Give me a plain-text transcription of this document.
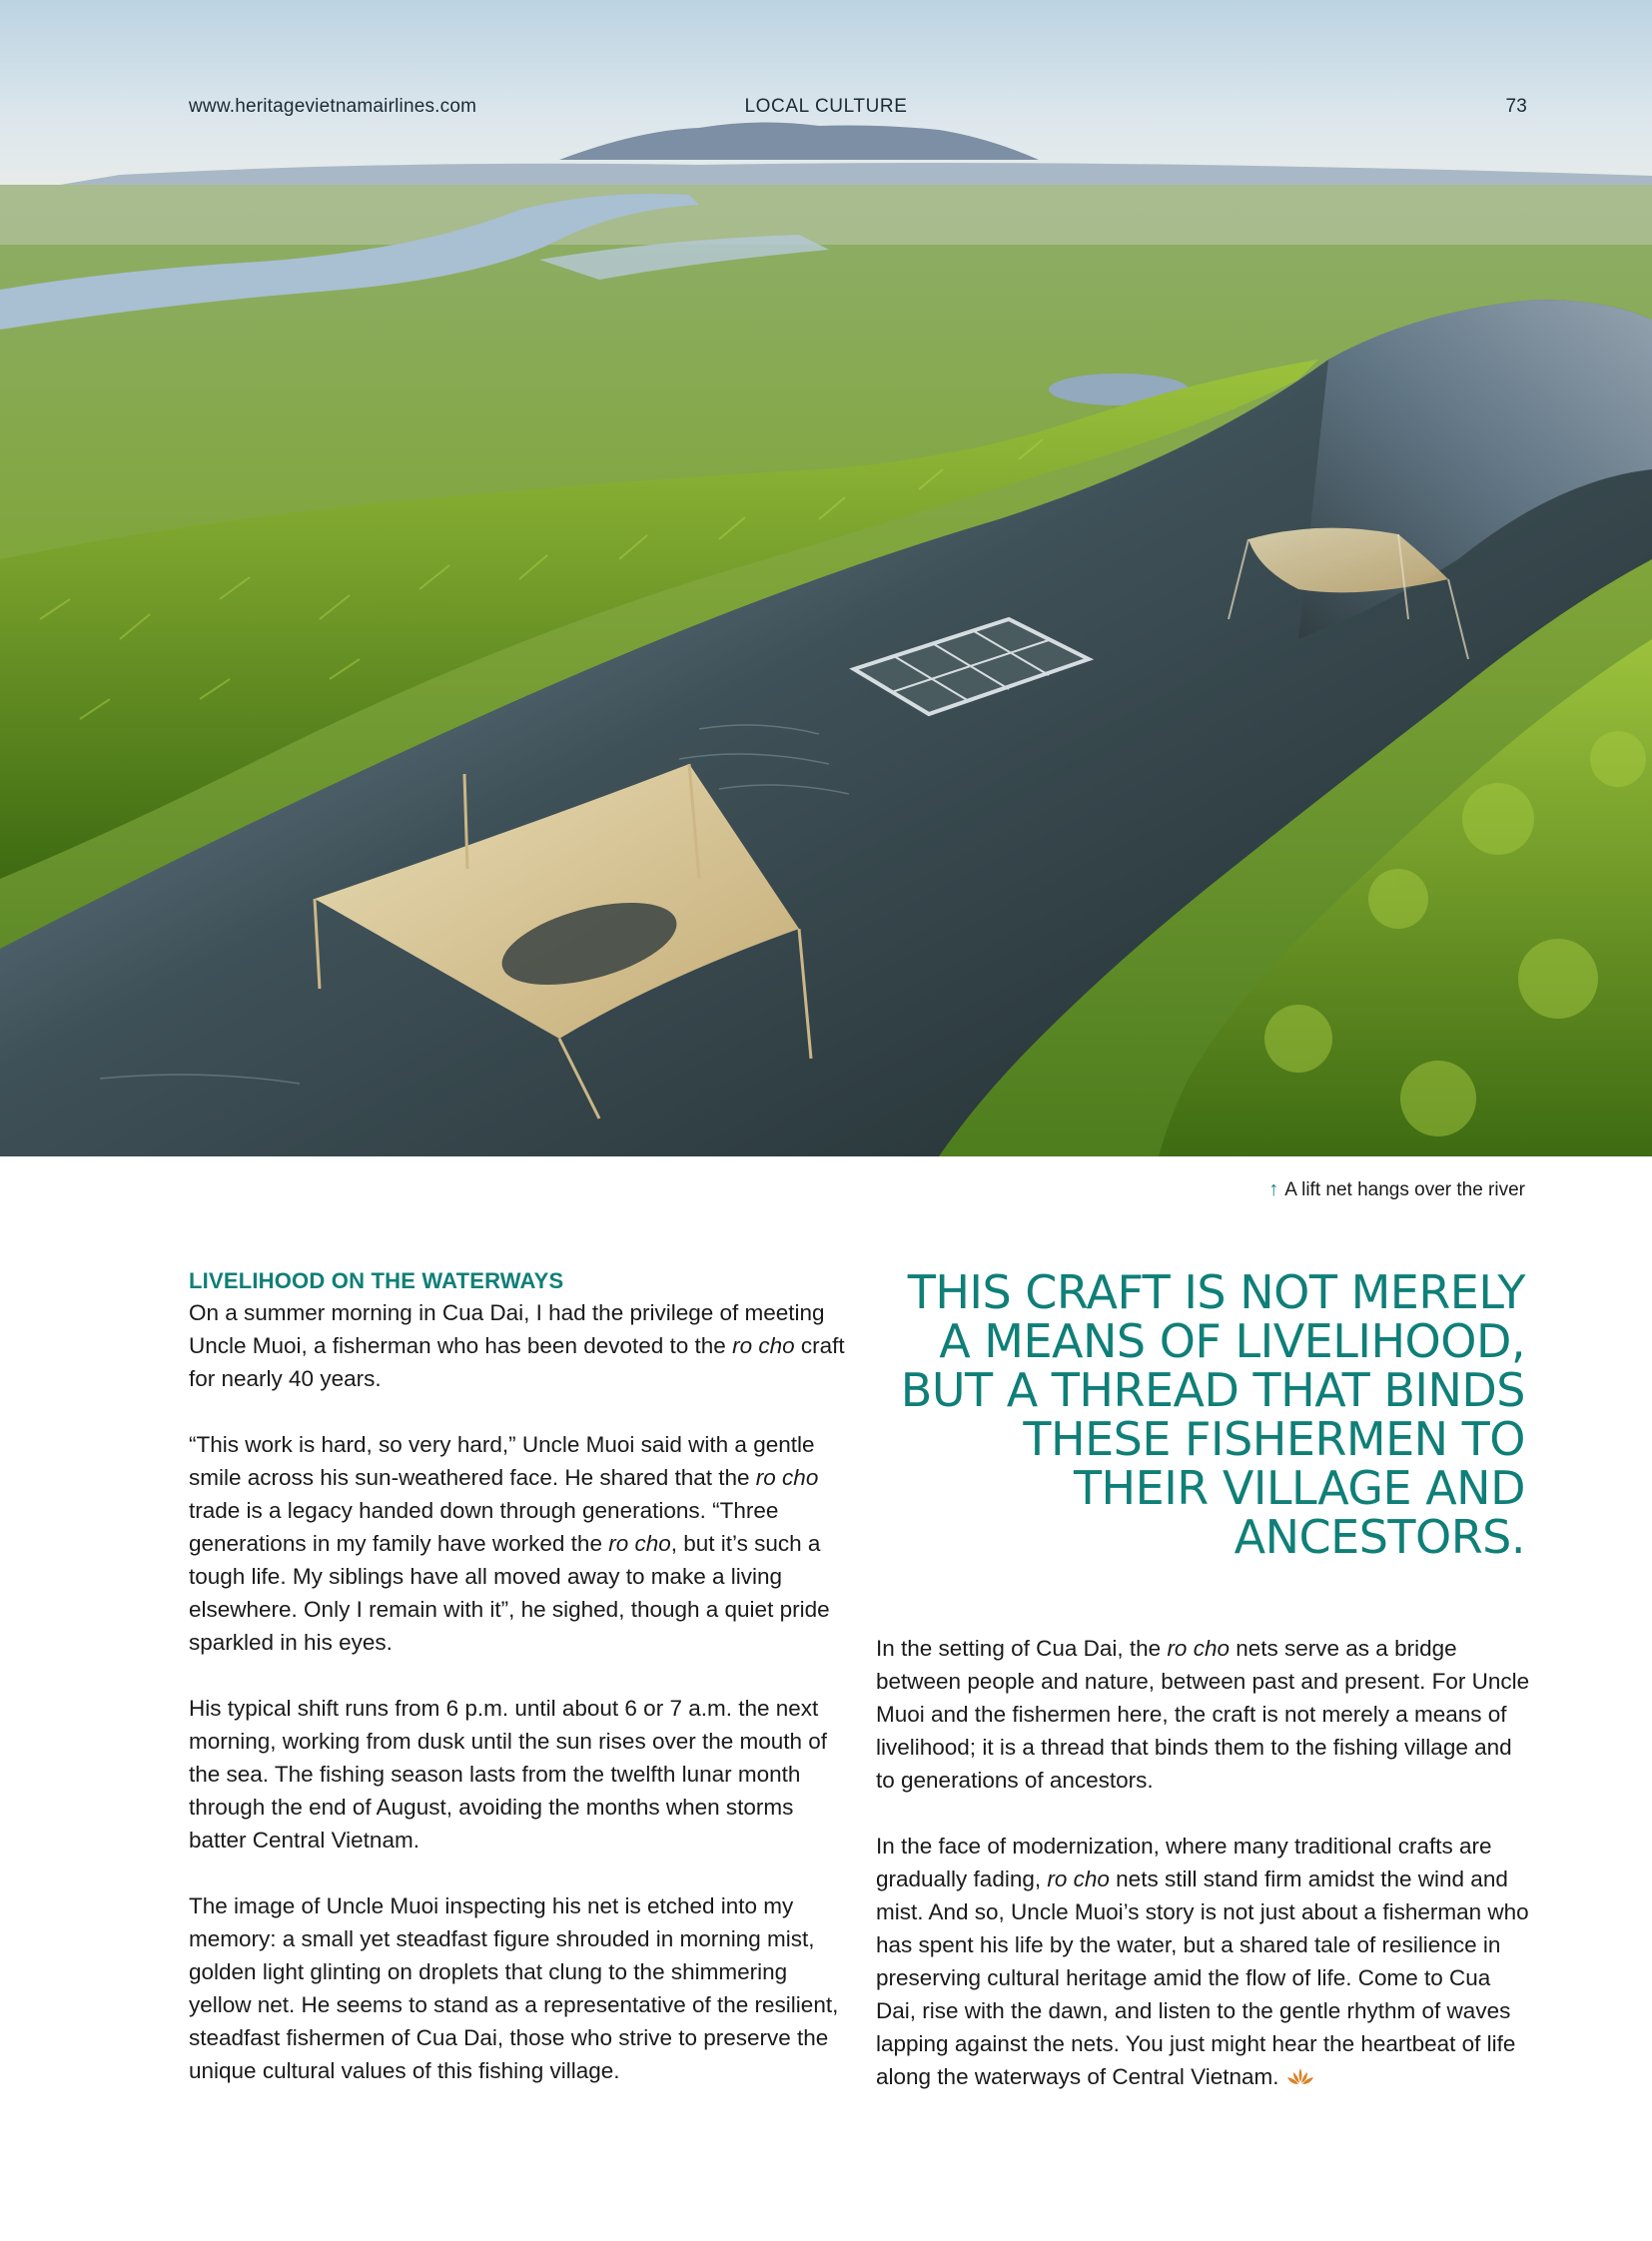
www.heritagevietnamairlines.com	LOCAL CULTURE	73
↑ A lift net hangs over the river
LIVELIHOOD ON THE WATERWAYS

On a summer morning in Cua Dai, I had the privilege of meeting Uncle Muoi, a fisherman who has been devoted to the ro cho craft for nearly 40 years.

“This work is hard, so very hard,” Uncle Muoi said with a gentle smile across his sun-weathered face. He shared that the ro cho trade is a legacy handed down through generations. “Three generations in my family have worked the ro cho, but it’s such a tough life. My siblings have all moved away to make a living elsewhere. Only I remain with it”, he sighed, though a quiet pride sparkled in his eyes.

His typical shift runs from 6 p.m. until about 6 or 7 a.m. the next morning, working from dusk until the sun rises over the mouth of the sea. The fishing season lasts from the twelfth lunar month through the end of August, avoiding the months when storms batter Central Vietnam.

The image of Uncle Muoi inspecting his net is etched into my memory: a small yet steadfast figure shrouded in morning mist, golden light glinting on droplets that clung to the shimmering yellow net. He seems to stand as a representative of the resilient, steadfast fishermen of Cua Dai, those who strive to preserve the unique cultural values of this fishing village.

THIS CRAFT IS NOT MERELY A MEANS OF LIVELIHOOD, BUT A THREAD THAT BINDS THESE FISHERMEN TO THEIR VILLAGE AND ANCESTORS.

In the setting of Cua Dai, the ro cho nets serve as a bridge between people and nature, between past and present. For Uncle Muoi and the fishermen here, the craft is not merely a means of livelihood; it is a thread that binds them to the fishing village and to generations of ancestors.

In the face of modernization, where many traditional crafts are gradually fading, ro cho nets still stand firm amidst the wind and mist. And so, Uncle Muoi’s story is not just about a fisherman who has spent his life by the water, but a shared tale of resilience in preserving cultural heritage amid the flow of life. Come to Cua Dai, rise with the dawn, and listen to the gentle rhythm of waves lapping against the nets. You just might hear the heartbeat of life along the waterways of Central Vietnam.
